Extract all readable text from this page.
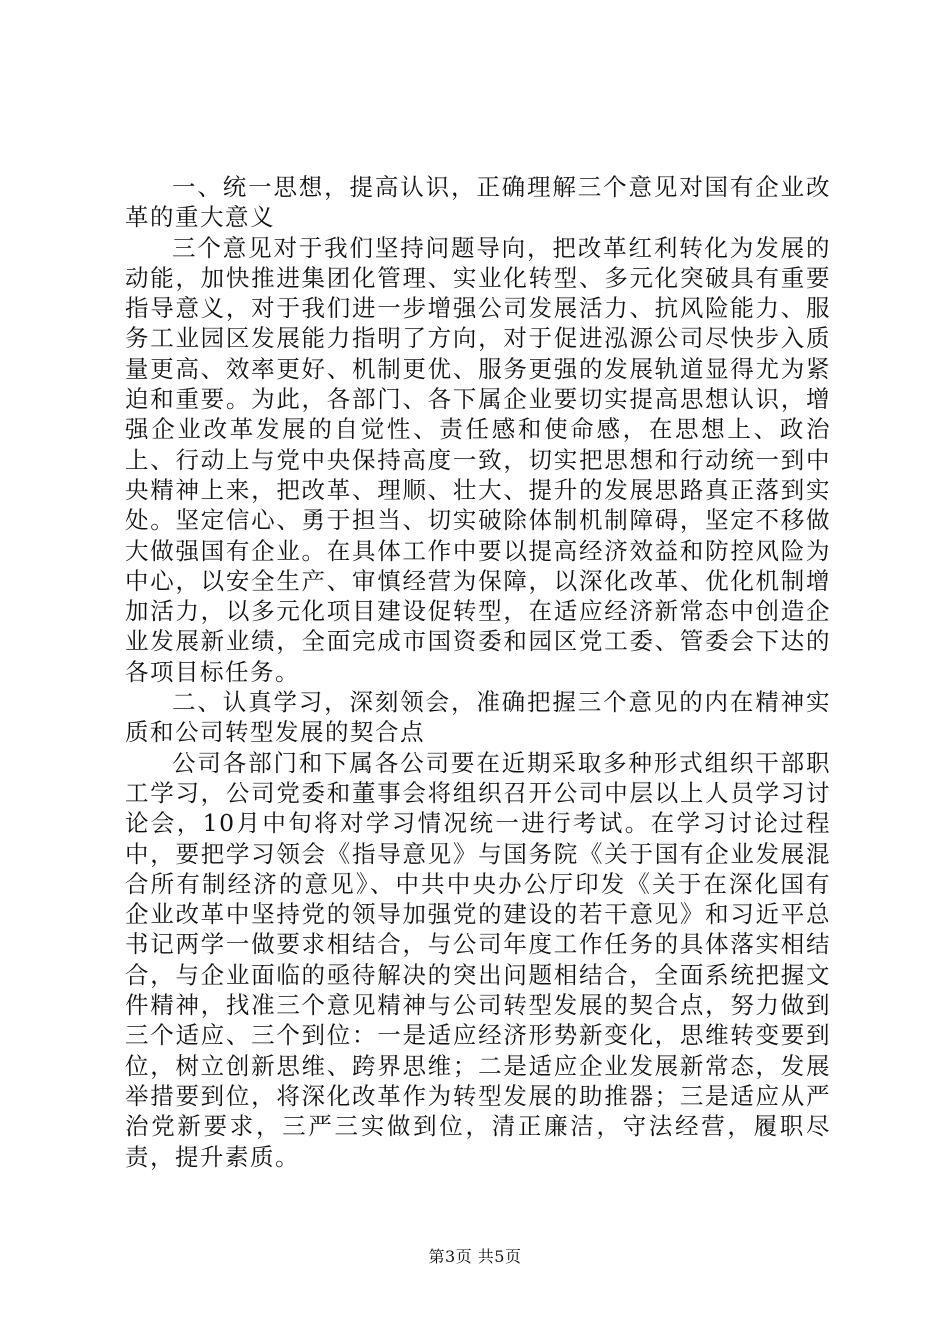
一、统一思想，提高认识，正确理解三个意见对国有企业改革的重大意义

三个意见对于我们坚持问题导向，把改革红利转化为发展的动能，加快推进集团化管理、实业化转型、多元化突破具有重要指导意义，对于我们进一步增强公司发展活力、抗风险能力、服务工业园区发展能力指明了方向，对于促进泓源公司尽快步入质量更高、效率更好、机制更优、服务更强的发展轨道显得尤为紧迫和重要。为此，各部门、各下属企业要切实提高思想认识，增强企业改革发展的自觉性、责任感和使命感，在思想上、政治上、行动上与党中央保持高度一致，切实把思想和行动统一到中央精神上来，把改革、理顺、壮大、提升的发展思路真正落到实处。坚定信心、勇于担当、切实破除体制机制障碍，坚定不移做大做强国有企业。在具体工作中要以提高经济效益和防控风险为中心，以安全生产、审慎经营为保障，以深化改革、优化机制增加活力，以多元化项目建设促转型，在适应经济新常态中创造企业发展新业绩，全面完成市国资委和园区党工委、管委会下达的各项目标任务。

二、认真学习，深刻领会，准确把握三个意见的内在精神实质和公司转型发展的契合点

公司各部门和下属各公司要在近期采取多种形式组织干部职工学习，公司党委和董事会将组织召开公司中层以上人员学习讨论会，10月中旬将对学习情况统一进行考试。在学习讨论过程中，要把学习领会《指导意见》与国务院《关于国有企业发展混合所有制经济的意见》、中共中央办公厅印发《关于在深化国有企业改革中坚持党的领导加强党的建设的若干意见》和习近平总书记两学一做要求相结合，与公司年度工作任务的具体落实相结合，与企业面临的亟待解决的突出问题相结合，全面系统把握文件精神，找准三个意见精神与公司转型发展的契合点，努力做到三个适应、三个到位：一是适应经济形势新变化，思维转变要到位，树立创新思维、跨界思维；二是适应企业发展新常态，发展举措要到位，将深化改革作为转型发展的助推器；三是适应从严治党新要求，三严三实做到位，清正廉洁，守法经营，履职尽责，提升素质。

第3页 共5页
